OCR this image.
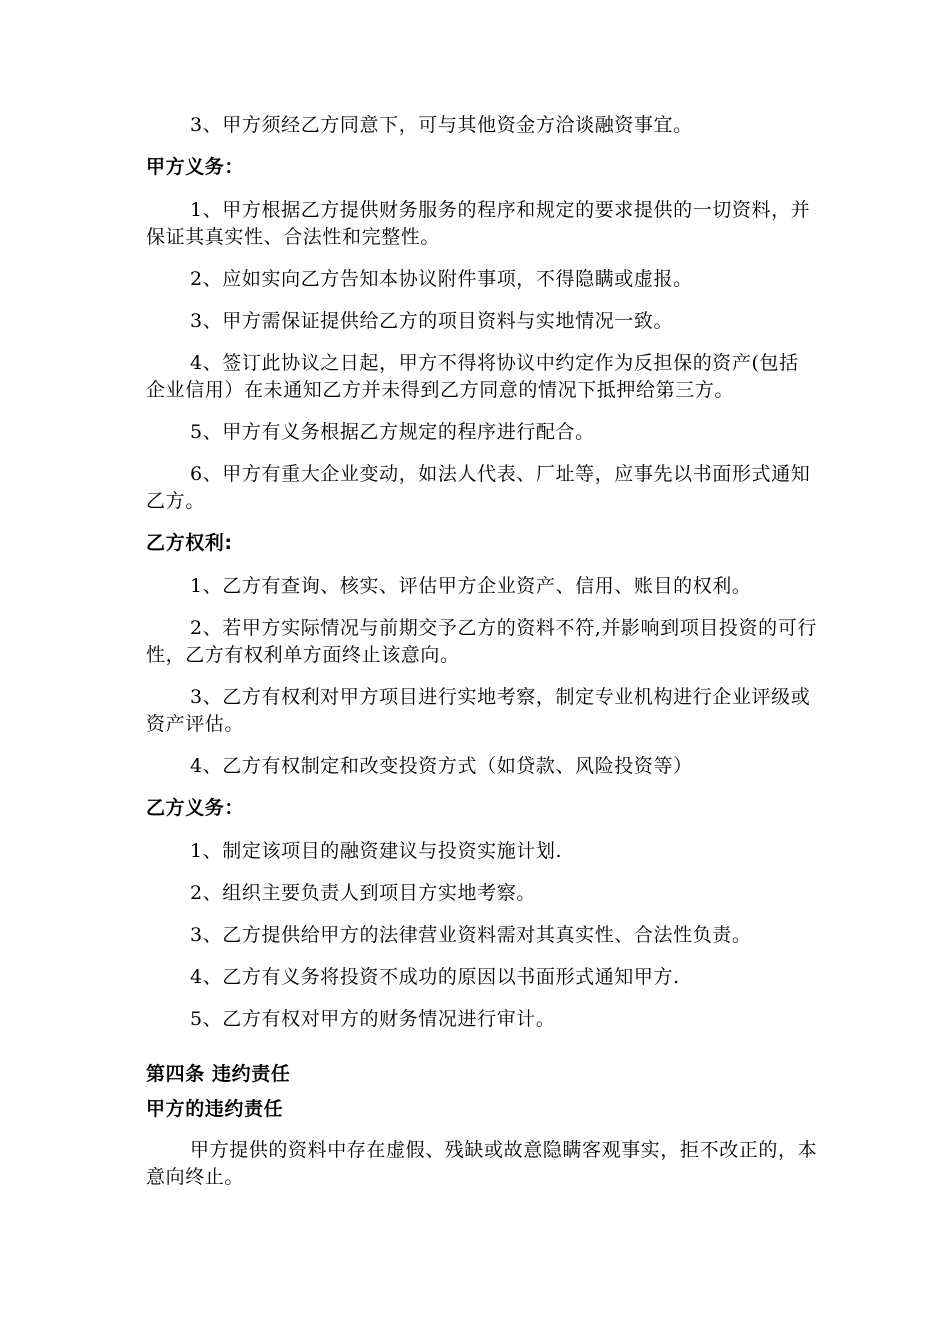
3、甲方须经乙方同意下，可与其他资金方洽谈融资事宜。

甲方义务：

1、甲方根据乙方提供财务服务的程序和规定的要求提供的一切资料，并保证其真实性、合法性和完整性。

2、应如实向乙方告知本协议附件事项，不得隐瞒或虚报。

3、甲方需保证提供给乙方的项目资料与实地情况一致。

4、签订此协议之日起，甲方不得将协议中约定作为反担保的资产(包括企业信用）在未通知乙方并未得到乙方同意的情况下抵押给第三方。

5、甲方有义务根据乙方规定的程序进行配合。

6、甲方有重大企业变动，如法人代表、厂址等，应事先以书面形式通知乙方。

乙方权利:

1、乙方有查询、核实、评估甲方企业资产、信用、账目的权利。

2、若甲方实际情况与前期交予乙方的资料不符,并影响到项目投资的可行性，乙方有权利单方面终止该意向。

3、乙方有权利对甲方项目进行实地考察，制定专业机构进行企业评级或资产评估。

4、乙方有权制定和改变投资方式（如贷款、风险投资等）

乙方义务：

1、制定该项目的融资建议与投资实施计划.

2、组织主要负责人到项目方实地考察。

3、乙方提供给甲方的法律营业资料需对其真实性、合法性负责。

4、乙方有义务将投资不成功的原因以书面形式通知甲方.

5、乙方有权对甲方的财务情况进行审计。

第四条 违约责任

甲方的违约责任

甲方提供的资料中存在虚假、残缺或故意隐瞒客观事实，拒不改正的，本意向终止。
